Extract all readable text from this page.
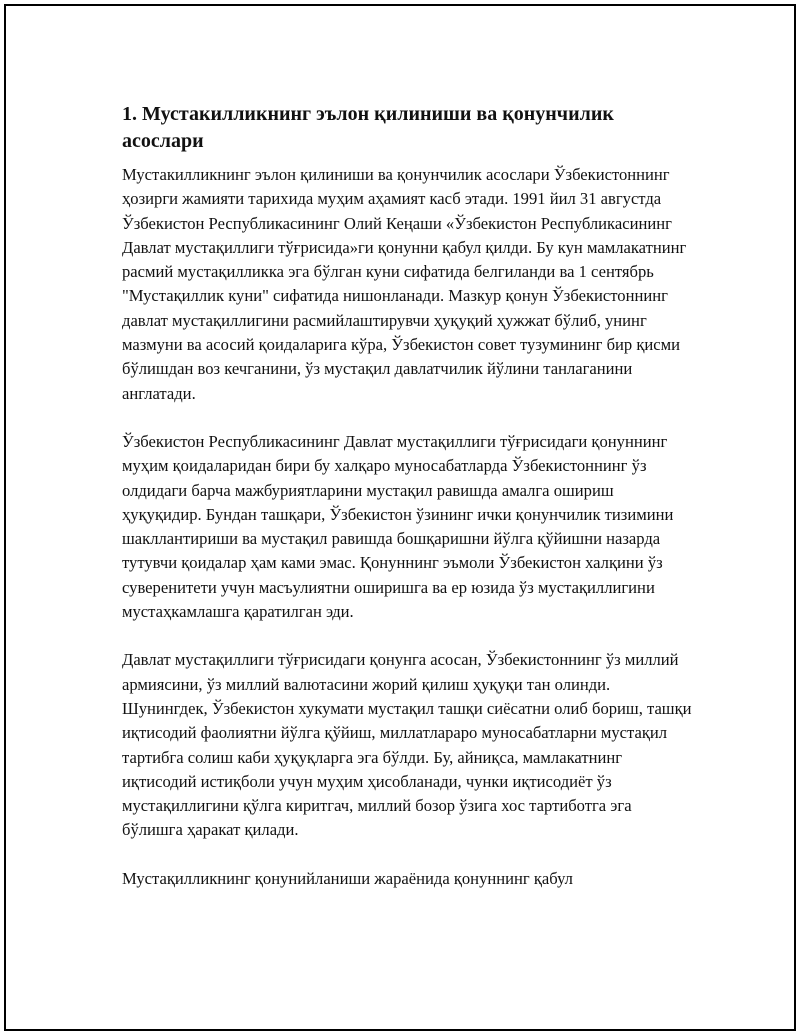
1. Мустакилликнинг эълон қилиниши ва қонунчилик асослари

Мустакилликнинг эълон қилиниши ва қонунчилик асослари Ўзбекистоннинг ҳозирги жамияти тарихида муҳим аҳамият касб этади. 1991 йил 31 августда Ўзбекистон Республикасининг Олий Кеңаши «Ўзбекистон Республикасининг Давлат мустақиллиги тўғрисида»ги қонунни қабул қилди. Бу кун мамлакатнинг расмий мустақилликка эга бўлган куни сифатида белгиланди ва 1 сентябрь "Мустақиллик куни" сифатида нишонланади. Мазкур қонун Ўзбекистоннинг давлат мустақиллигини расмийлаштирувчи ҳуқуқий ҳужжат бўлиб, унинг мазмуни ва асосий қоидаларига кўра, Ўзбекистон совет тузумининг бир қисми бўлишдан воз кечганини, ўз мустақил давлатчилик йўлини танлаганини англатади.

Ўзбекистон Республикасининг Давлат мустақиллиги тўғрисидаги қонуннинг муҳим қоидаларидан бири бу халқаро муносабатларда Ўзбекистоннинг ўз олдидаги барча мажбуриятларини мустақил равишда амалга ошириш ҳуқуқидир. Бундан ташқари, Ўзбекистон ўзининг ички қонунчилик тизимини шакллантириши ва мустақил равишда бошқаришни йўлга қўйишни назарда тутувчи қоидалар ҳам ками эмас. Қонуннинг эъмоли Ўзбекистон халқини ўз суверенитети учун масъулиятни оширишга ва ер юзида ўз мустақиллигини мустаҳкамлашга қаратилган эди.

Давлат мустақиллиги тўғрисидаги қонунга асосан, Ўзбекистоннинг ўз миллий армиясини, ўз миллий валютасини жорий қилиш ҳуқуқи тан олинди. Шунингдек, Ўзбекистон хукумати мустақил ташқи сиёсатни олиб бориш, ташқи иқтисодий фаолиятни йўлга қўйиш, миллатлараро муносабатларни мустақил тартибга солиш каби ҳуқуқларга эга бўлди. Бу, айниқса, мамлакатнинг иқтисодий истиқболи учун муҳим ҳисобланади, чунки иқтисодиёт ўз мустақиллигини қўлга киритгач, миллий бозор ўзига хос тартиботга эга бўлишга ҳаракат қилади.

Мустақилликнинг қонунийланиши жараёнида қонуннинг қабул
